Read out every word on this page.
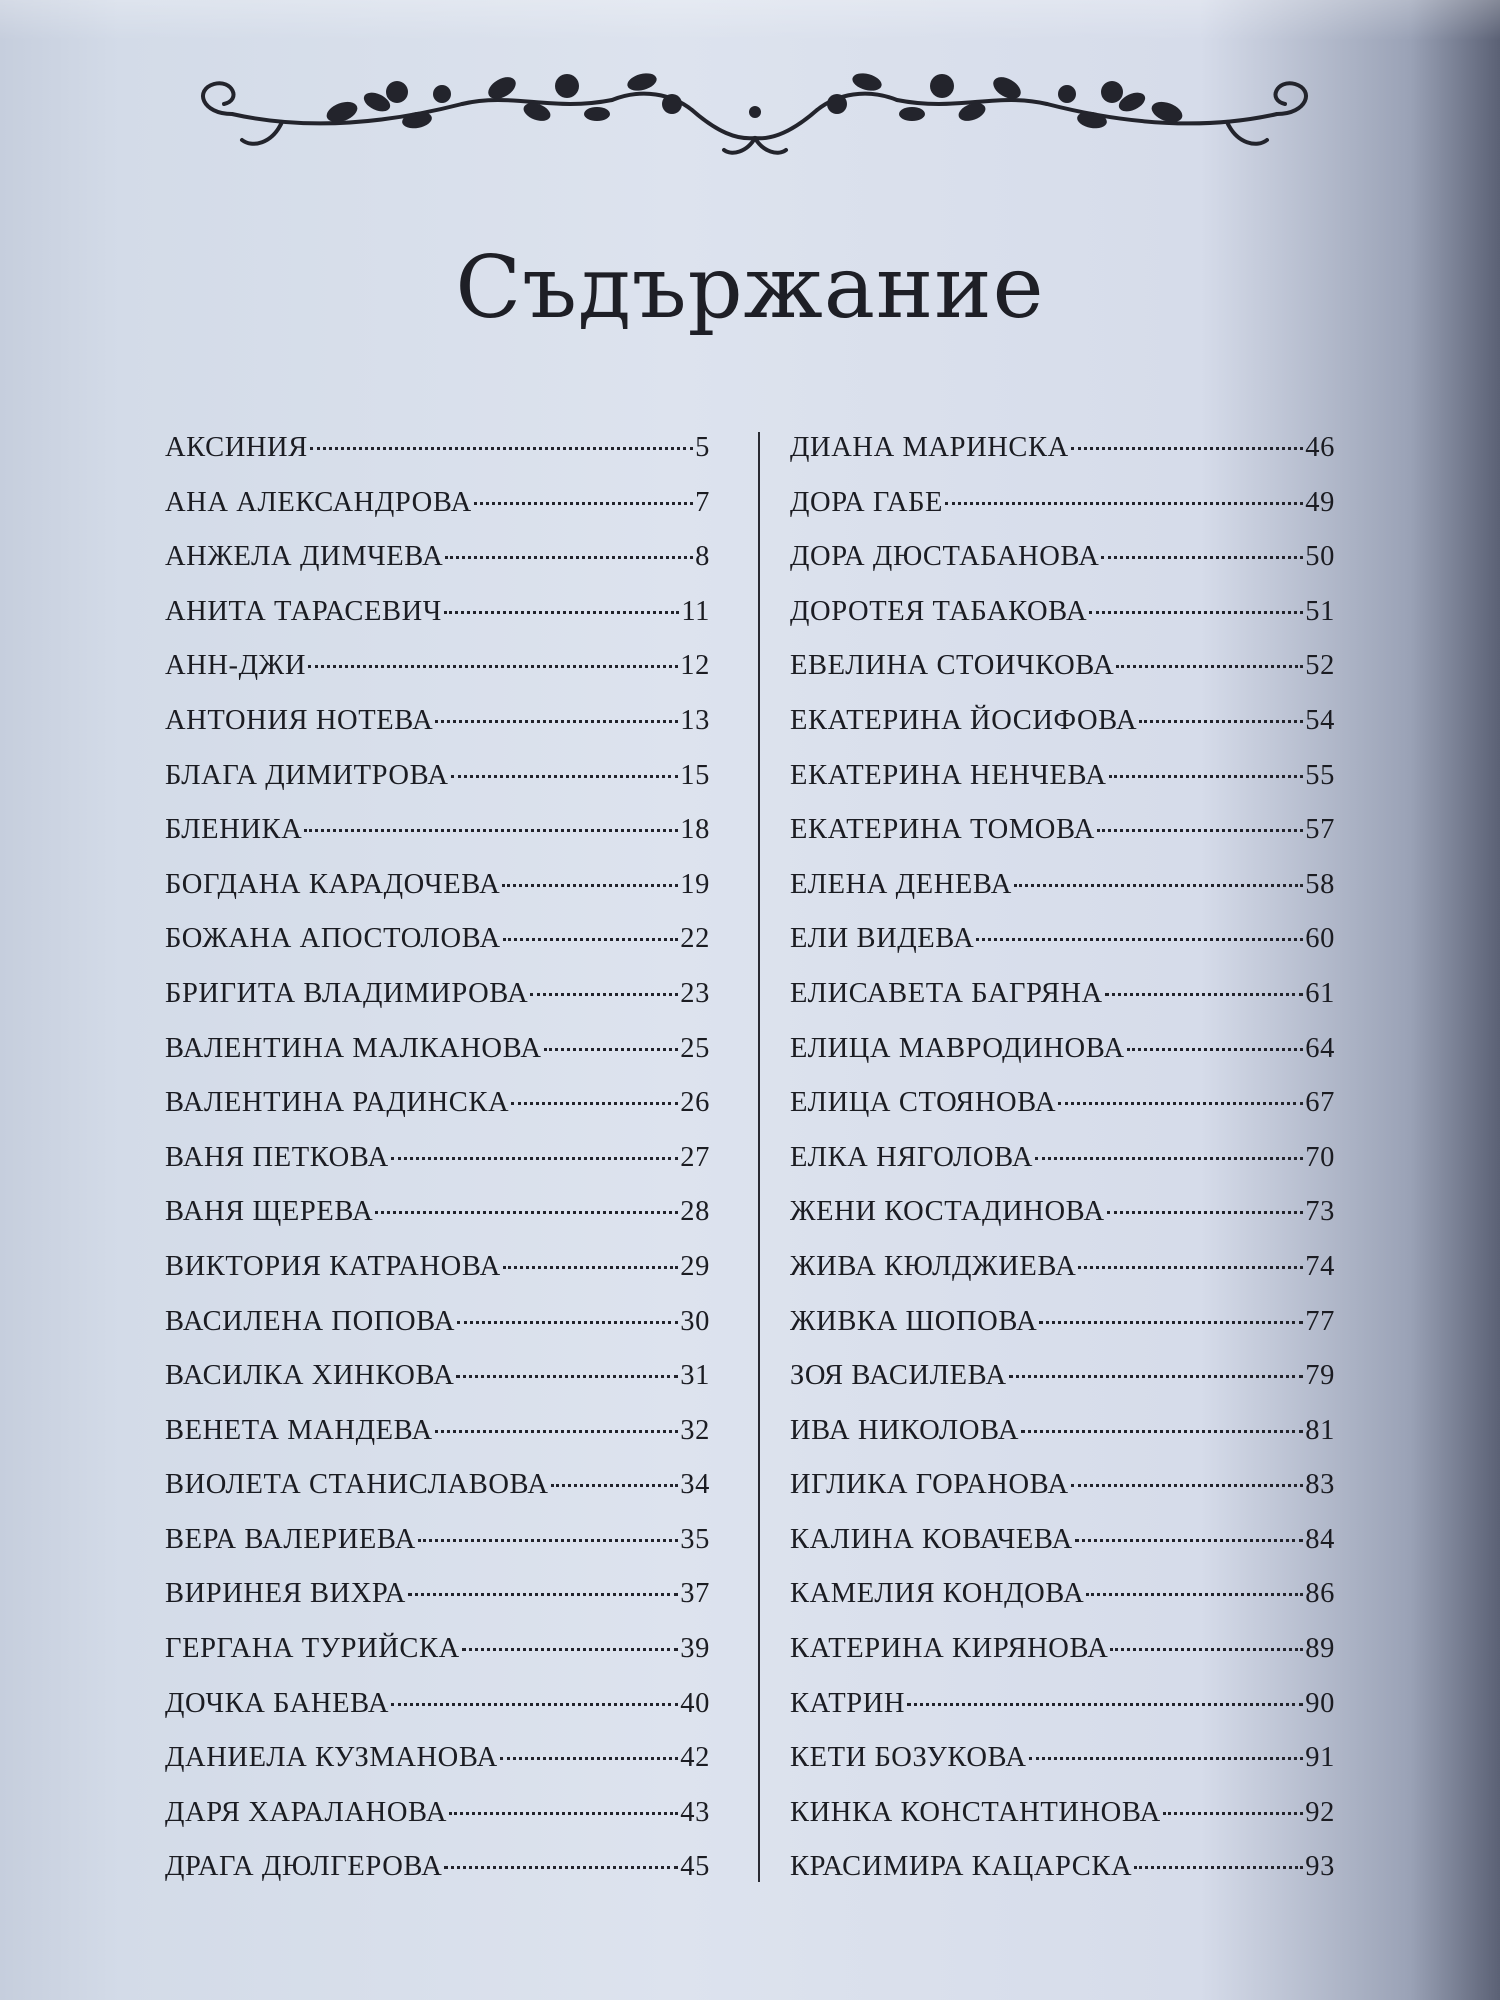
Съдържание
АКСИНИЯ	5
АНА АЛЕКСАНДРОВА	7
АНЖЕЛА ДИМЧЕВА	8
АНИТА ТАРАСЕВИЧ	11
АНН-ДЖИ	12
АНТОНИЯ НОТЕВА	13
БЛАГА ДИМИТРОВА	15
БЛЕНИКА	18
БОГДАНА КАРАДОЧЕВА	19
БОЖАНА АПОСТОЛОВА	22
БРИГИТА ВЛАДИМИРОВА	23
ВАЛЕНТИНА МАЛКАНОВА	25
ВАЛЕНТИНА РАДИНСКА	26
ВАНЯ ПЕТКОВА	27
ВАНЯ ЩЕРЕВА	28
ВИКТОРИЯ КАТРАНОВА	29
ВАСИЛЕНА ПОПОВА	30
ВАСИЛКА ХИНКОВА	31
ВЕНЕТА МАНДЕВА	32
ВИОЛЕТА СТАНИСЛАВОВА	34
ВЕРА ВАЛЕРИЕВА	35
ВИРИНЕЯ ВИХРА	37
ГЕРГАНА ТУРИЙСКА	39
ДОЧКА БАНЕВА	40
ДАНИЕЛА КУЗМАНОВА	42
ДАРЯ ХАРАЛАНОВА	43
ДРАГА ДЮЛГЕРОВА	45
ДИАНА МАРИНСКА	46
ДОРА ГАБЕ	49
ДОРА ДЮСТАБАНОВА	50
ДОРОТЕЯ ТАБАКОВА	51
ЕВЕЛИНА СТОИЧКОВА	52
ЕКАТЕРИНА ЙОСИФОВА	54
ЕКАТЕРИНА НЕНЧЕВА	55
ЕКАТЕРИНА ТОМОВА	57
ЕЛЕНА ДЕНЕВА	58
ЕЛИ ВИДЕВА	60
ЕЛИСАВЕТА БАГРЯНА	61
ЕЛИЦА МАВРОДИНОВА	64
ЕЛИЦА СТОЯНОВА	67
ЕЛКА НЯГОЛОВА	70
ЖЕНИ КОСТАДИНОВА	73
ЖИВА КЮЛДЖИЕВА	74
ЖИВКА ШОПОВА	77
ЗОЯ ВАСИЛЕВА	79
ИВА НИКОЛОВА	81
ИГЛИКА ГОРАНОВА	83
КАЛИНА КОВАЧЕВА	84
КАМЕЛИЯ КОНДОВА	86
КАТЕРИНА КИРЯНОВА	89
КАТРИН	90
КЕТИ БОЗУКОВА	91
КИНКА КОНСТАНТИНОВА	92
КРАСИМИРА КАЦАРСКА	93
